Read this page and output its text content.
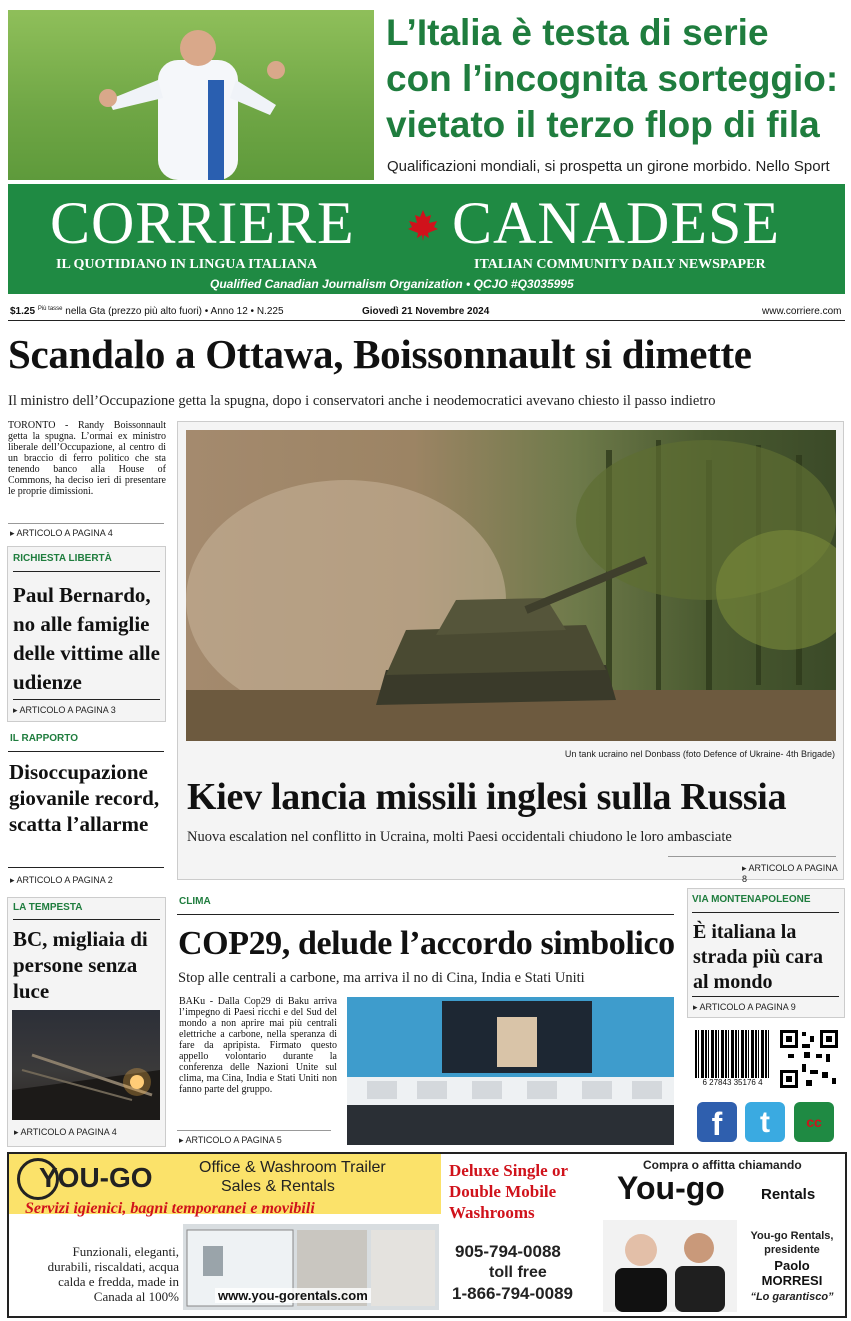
L’Italia è testa di serie
con l’incognita sorteggio:
vietato il terzo flop di fila
Qualificazioni mondiali, si prospetta un girone morbido. Nello Sport
CORRIERE CANADESE
IL QUOTIDIANO IN LINGUA ITALIANA	ITALIAN COMMUNITY DAILY NEWSPAPER
Qualified Canadian Journalism Organization • QCJO #Q3035995
$1.25 $^{Più tasse}$ nella Gta (prezzo più alto fuori) • Anno 12 • N.225	Giovedì 21 Novembre 2024	www.corriere.com
Scandalo a Ottawa, Boissonnault si dimette
Il ministro dell’Occupazione getta la spugna, dopo i conservatori anche i neodemocratici avevano chiesto il passo indietro
TORONTO - Randy Boissonnault getta la spugna. L’ormai ex ministro liberale dell’Occupazione, al centro di un braccio di ferro politico che sta tenendo banco alla House of Commons, ha deciso ieri di presentare le proprie dimissioni.
▸ ARTICOLO A PAGINA 4
RICHIESTA LIBERTÀ
Paul Bernardo, no alle famiglie delle vittime alle udienze
▸ ARTICOLO A PAGINA 3
IL RAPPORTO
Disoccupazione giovanile record, scatta l’allarme
▸ ARTICOLO A PAGINA 2
LA TEMPESTA
BC, migliaia di persone senza luce
▸ ARTICOLO A PAGINA 4
Un tank ucraino nel Donbass (foto Defence of Ukraine- 4th Brigade)
Kiev lancia missili inglesi sulla Russia
Nuova escalation nel conflitto in Ucraina, molti Paesi occidentali chiudono le loro ambasciate
▸ ARTICOLO A PAGINA 8
CLIMA
COP29, delude l’accordo simbolico
Stop alle centrali a carbone, ma arriva il no di Cina, India e Stati Uniti
BAKu - Dalla Cop29 di Baku arriva l’impegno di Paesi ricchi e del Sud del mondo a non aprire mai più centrali elettriche a carbone, nella speranza di fare da apripista. Firmato questo appello volontario durante la conferenza delle Nazioni Unite sul clima, ma Cina, India e Stati Uniti non fanno parte del gruppo.
▸ ARTICOLO A PAGINA 5
VIA MONTENAPOLEONE
È italiana la strada più cara al mondo
▸ ARTICOLO A PAGINA 9
6 27843 35176 4
f	t	cc
YOU-GO	Office & Washroom Trailer
Sales & Rentals
Servizi igienici, bagni temporanei e movibili
Funzionali, eleganti, durabili, riscaldati, acqua calda e fredda, made in Canada al 100%	www.you-gorentals.com
Deluxe Single or Double Mobile Washrooms
905-794-0088
toll free
1-866-794-0089
Compra o affitta chiamando
You-go Rentals
You-go Rentals,
presidente
Paolo
MORRESI
“Lo garantisco”
